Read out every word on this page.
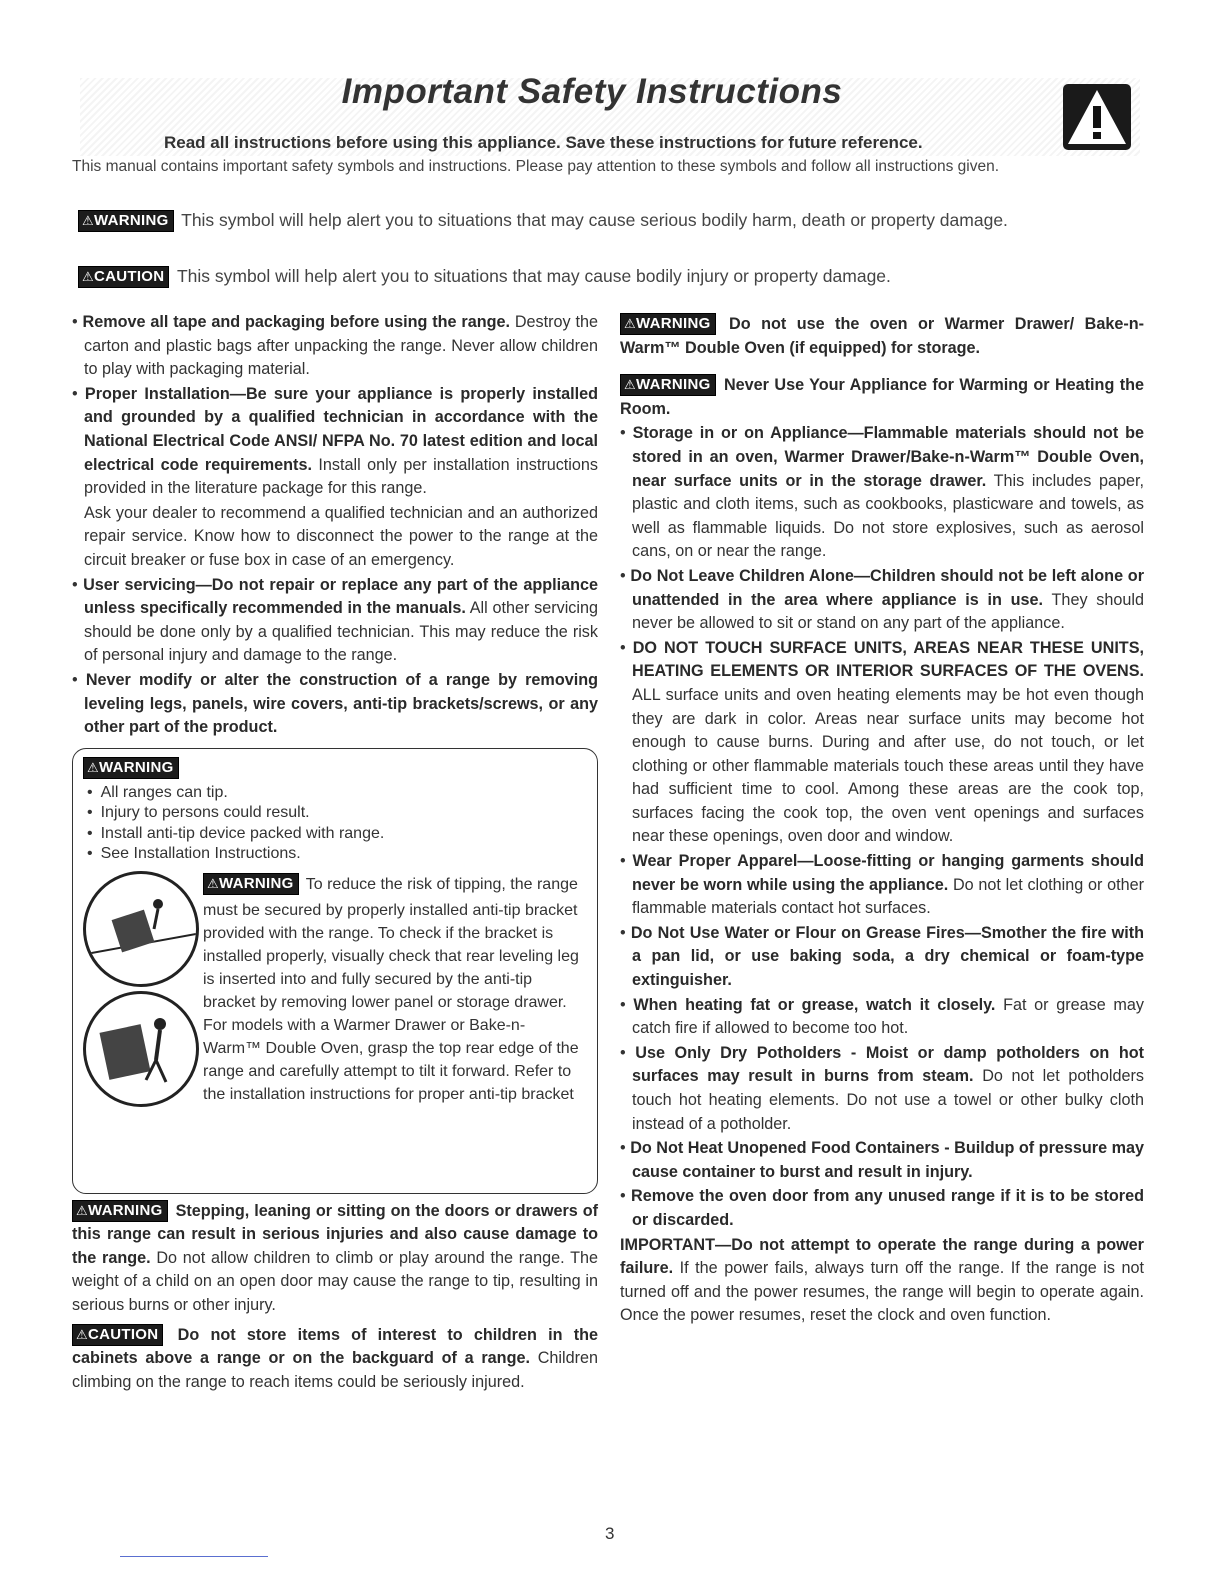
Important Safety Instructions
Read all instructions before using this appliance. Save these instructions for future reference.
This manual contains important safety symbols and instructions. Please pay attention to these symbols and follow all instructions given.
⚠WARNING This symbol will help alert you to situations that may cause serious bodily harm, death or property damage.
⚠CAUTION This symbol will help alert you to situations that may cause bodily injury or property damage.

• Remove all tape and packaging before using the range. Destroy the carton and plastic bags after unpacking the range. Never allow children to play with packaging material.

• Proper Installation—Be sure your appliance is properly installed and grounded by a qualified technician in accordance with the National Electrical Code ANSI/ NFPA No. 70 latest edition and local electrical code requirements. Install only per installation instructions provided in the literature package for this range.

Ask your dealer to recommend a qualified technician and an authorized repair service. Know how to disconnect the power to the range at the circuit breaker or fuse box in case of an emergency.

• User servicing—Do not repair or replace any part of the appliance unless specifically recommended in the manuals. All other servicing should be done only by a qualified technician. This may reduce the risk of personal injury and damage to the range.

• Never modify or alter the construction of a range by removing leveling legs, panels, wire covers, anti-tip brackets/screws, or any other part of the product.

⚠WARNING
• All ranges can tip.
• Injury to persons could result.
• Install anti-tip device packed with range.
• See Installation Instructions.
⚠WARNING To reduce the risk of tipping, the range must be secured by properly installed anti-tip bracket provided with the range. To check if the bracket is installed properly, visually check that rear leveling leg is inserted into and fully secured by the anti-tip bracket by removing lower panel or storage drawer. For models with a Warmer Drawer or Bake-n-Warm™ Double Oven, grasp the top rear edge of the range and carefully attempt to tilt it forward. Refer to the installation instructions for proper anti-tip bracket

⚠WARNING Stepping, leaning or sitting on the doors or drawers of this range can result in serious injuries and also cause damage to the range. Do not allow children to climb or play around the range. The weight of a child on an open door may cause the range to tip, resulting in serious burns or other injury.

⚠CAUTION Do not store items of interest to children in the cabinets above a range or on the backguard of a range. Children climbing on the range to reach items could be seriously injured.

⚠WARNING Do not use the oven or Warmer Drawer/ Bake-n-Warm™ Double Oven (if equipped) for storage.

⚠WARNING Never Use Your Appliance for Warming or Heating the Room.

• Storage in or on Appliance—Flammable materials should not be stored in an oven, Warmer Drawer/Bake-n-Warm™ Double Oven, near surface units or in the storage drawer. This includes paper, plastic and cloth items, such as cookbooks, plasticware and towels, as well as flammable liquids. Do not store explosives, such as aerosol cans, on or near the range.

• Do Not Leave Children Alone—Children should not be left alone or unattended in the area where appliance is in use. They should never be allowed to sit or stand on any part of the appliance.

• DO NOT TOUCH SURFACE UNITS, AREAS NEAR THESE UNITS, HEATING ELEMENTS OR INTERIOR SURFACES OF THE OVENS. ALL surface units and oven heating elements may be hot even though they are dark in color. Areas near surface units may become hot enough to cause burns. During and after use, do not touch, or let clothing or other flammable materials touch these areas until they have had sufficient time to cool. Among these areas are the cook top, surfaces facing the cook top, the oven vent openings and surfaces near these openings, oven door and window.

• Wear Proper Apparel—Loose-fitting or hanging garments should never be worn while using the appliance. Do not let clothing or other flammable materials contact hot surfaces.

• Do Not Use Water or Flour on Grease Fires—Smother the fire with a pan lid, or use baking soda, a dry chemical or foam-type extinguisher.

• When heating fat or grease, watch it closely. Fat or grease may catch fire if allowed to become too hot.

• Use Only Dry Potholders - Moist or damp potholders on hot surfaces may result in burns from steam. Do not let potholders touch hot heating elements. Do not use a towel or other bulky cloth instead of a potholder.

• Do Not Heat Unopened Food Containers - Buildup of pressure may cause container to burst and result in injury.

• Remove the oven door from any unused range if it is to be stored or discarded.

IMPORTANT—Do not attempt to operate the range during a power failure. If the power fails, always turn off the range. If the range is not turned off and the power resumes, the range will begin to operate again. Once the power resumes, reset the clock and oven function.

3
